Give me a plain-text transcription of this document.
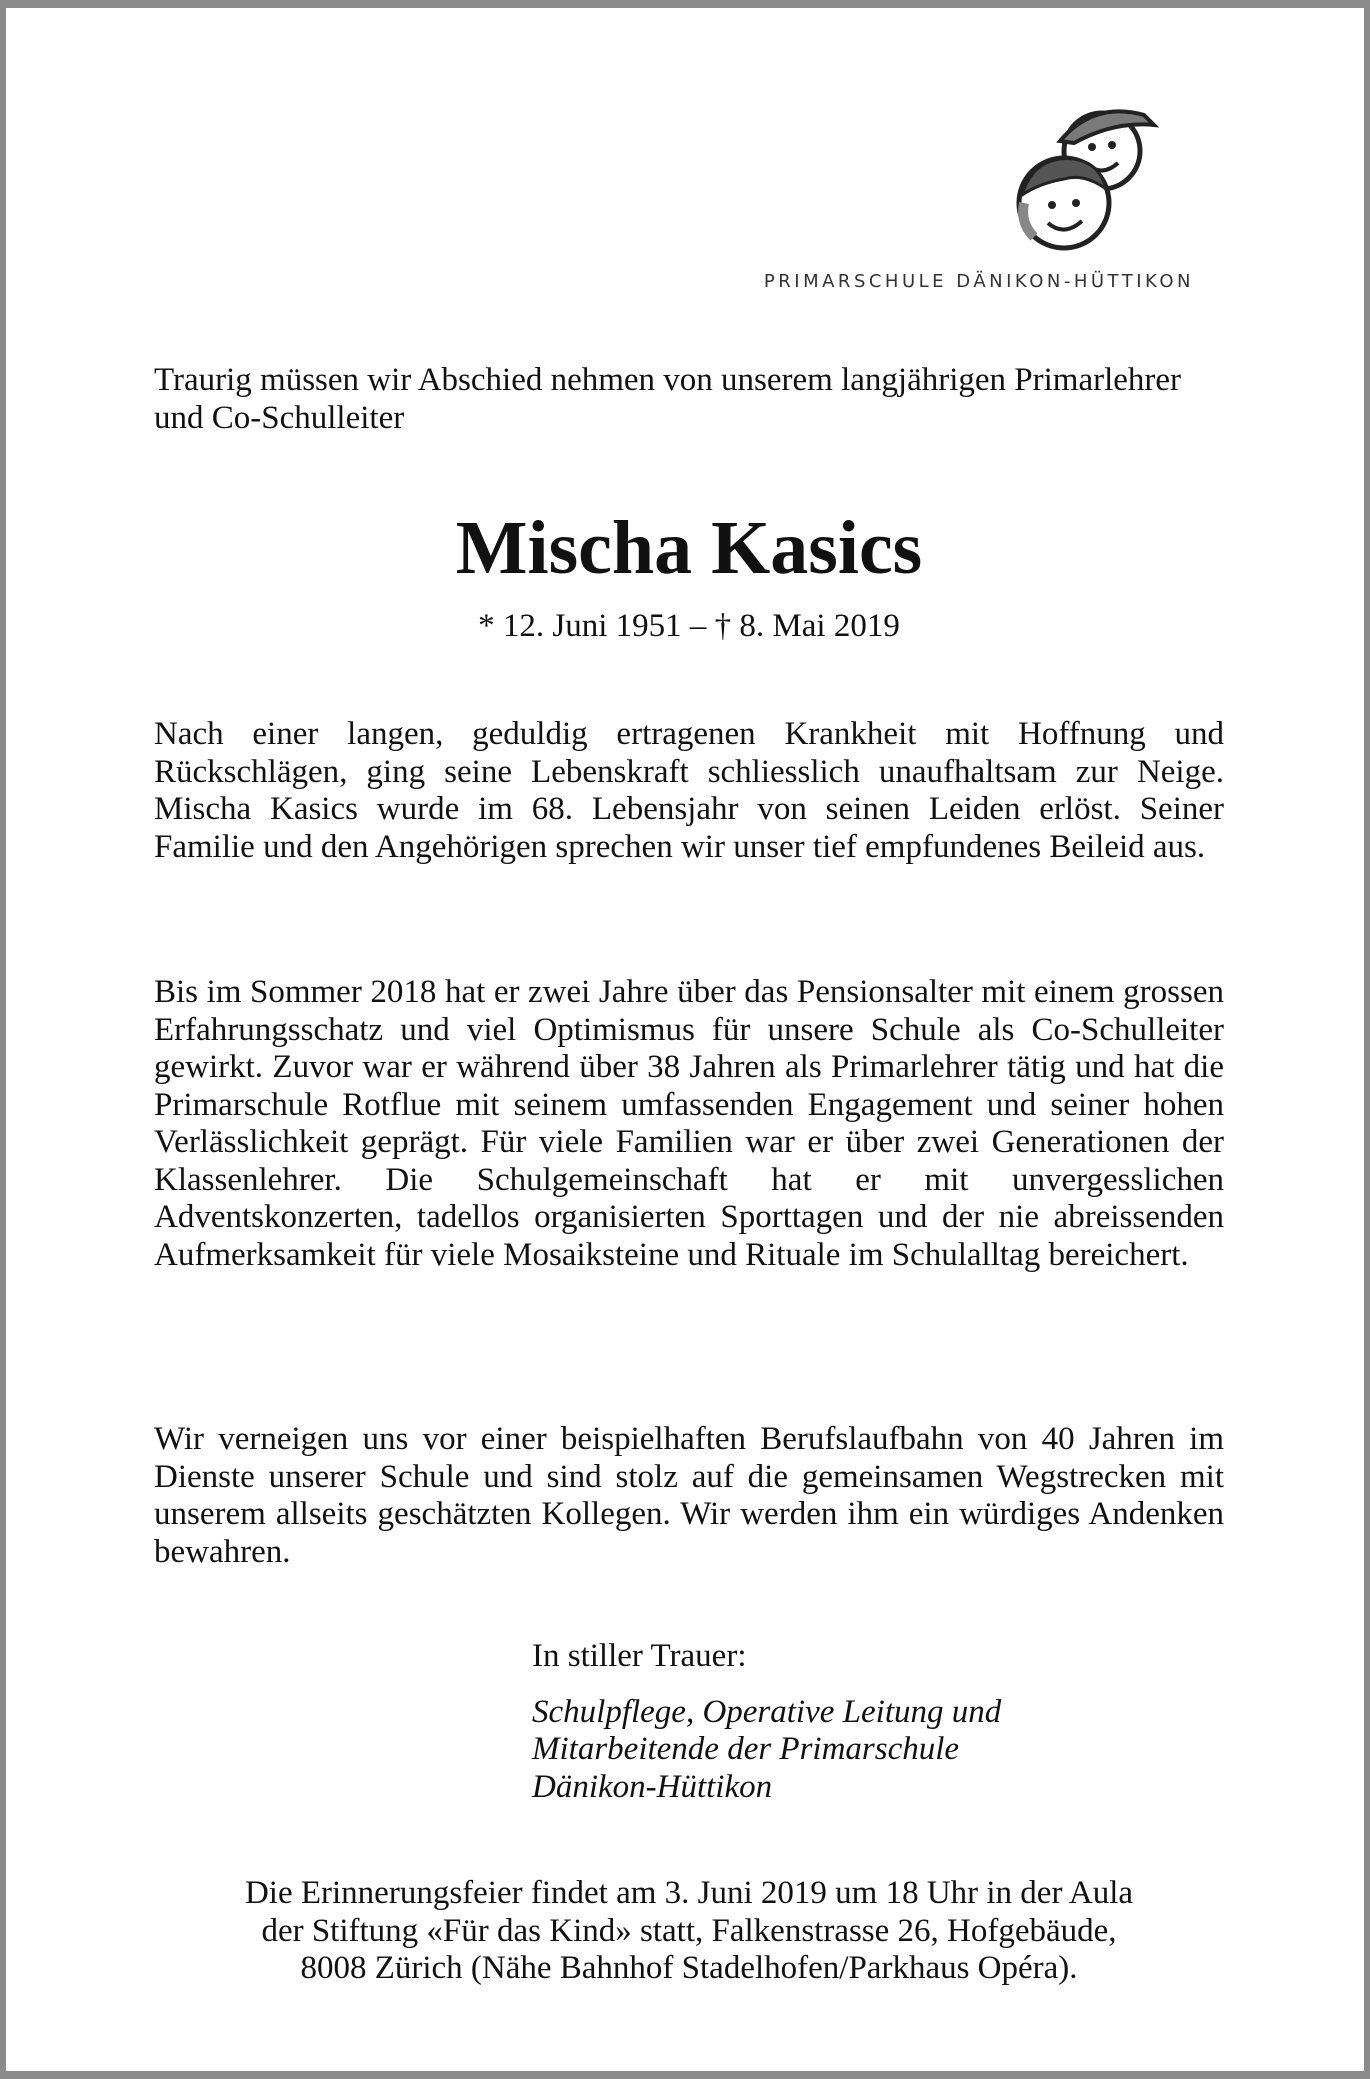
PRIMARSCHULE DÄNIKON-HÜTTIKON

Traurig müssen wir Abschied nehmen von unserem langjährigen Primarlehrer und Co-Schulleiter

Mischa Kasics

* 12. Juni 1951 – † 8. Mai 2019

Nach einer langen, geduldig ertragenen Krankheit mit Hoffnung und Rückschlägen, ging seine Lebenskraft schliesslich unaufhaltsam zur Neige. Mischa Kasics wurde im 68. Lebensjahr von seinen Leiden erlöst. Seiner Familie und den Angehörigen sprechen wir unser tief empfundenes Beileid aus.

Bis im Sommer 2018 hat er zwei Jahre über das Pensionsalter mit einem grossen Erfahrungsschatz und viel Optimismus für unsere Schule als Co-Schulleiter gewirkt. Zuvor war er während über 38 Jahren als Primarlehrer tätig und hat die Primarschule Rotflue mit seinem umfassenden Engagement und seiner hohen Verlässlichkeit geprägt. Für viele Familien war er über zwei Generationen der Klassenlehrer. Die Schulgemeinschaft hat er mit unvergesslichen Adventskonzerten, tadellos organisierten Sporttagen und der nie abreissenden Aufmerksamkeit für viele Mosaiksteine und Rituale im Schulalltag bereichert.

Wir verneigen uns vor einer beispielhaften Berufslaufbahn von 40 Jahren im Dienste unserer Schule und sind stolz auf die gemeinsamen Wegstrecken mit unserem allseits geschätzten Kollegen. Wir werden ihm ein würdiges Andenken bewahren.

In stiller Trauer:

Schulpflege, Operative Leitung und
Mitarbeitende der Primarschule
Dänikon-Hüttikon

Die Erinnerungsfeier findet am 3. Juni 2019 um 18 Uhr in der Aula
der Stiftung «Für das Kind» statt, Falkenstrasse 26, Hofgebäude,
8008 Zürich (Nähe Bahnhof Stadelhofen/Parkhaus Opéra).
